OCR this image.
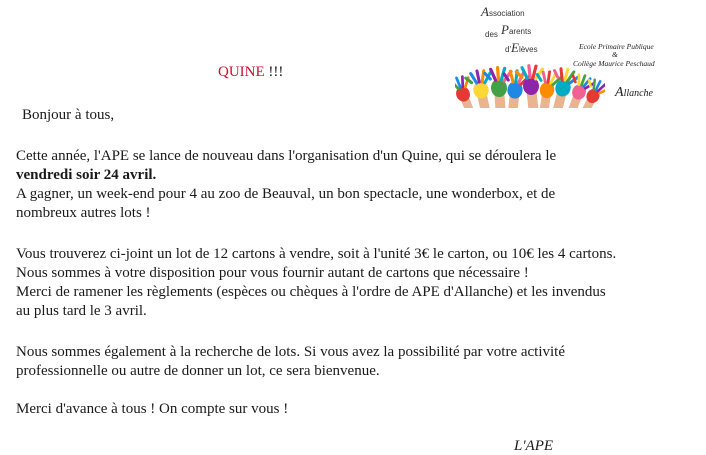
Association
des Parents
d'Elèves	Ecole Primaire Publique
&
Collège Maurice Peschaud
Allanche
QUINE !!!
Bonjour à tous,
Cette année, l'APE se lance de nouveau dans l'organisation d'un Quine, qui se déroulera le
vendredi soir 24 avril.
A gagner, un week-end pour 4 au zoo de Beauval, un bon spectacle, une wonderbox, et de
nombreux autres lots !
Vous trouverez ci-joint un lot de 12 cartons à vendre, soit à l'unité 3€ le carton, ou 10€ les 4 cartons.
Nous sommes à votre disposition pour vous fournir autant de cartons que nécessaire !
Merci de ramener les règlements (espèces ou chèques à l'ordre de APE d'Allanche) et les invendus
au plus tard le 3 avril.
Nous sommes également à la recherche de lots. Si vous avez la possibilité par votre activité
professionnelle ou autre de donner un lot, ce sera bienvenue.
Merci d'avance à tous ! On compte sur vous !
L'APE
